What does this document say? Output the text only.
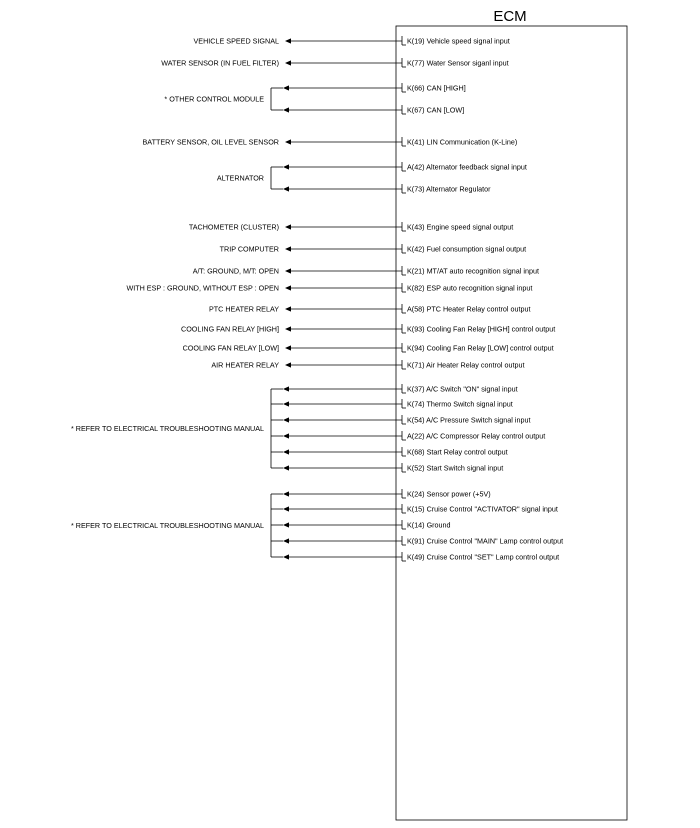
ECM
K(19) Vehicle speed signal input
VEHICLE SPEED SIGNAL
K(77) Water Sensor siganl input
WATER SENSOR (IN FUEL FILTER)
K(66) CAN [HIGH]
K(67) CAN [LOW]
K(41) LIN Communication (K-Line)
BATTERY SENSOR, OIL LEVEL SENSOR
A(42) Alternator feedback signal input
K(73) Alternator Regulator
K(43) Engine speed signal output
TACHOMETER (CLUSTER)
K(42) Fuel consumption signal output
TRIP COMPUTER
K(21) MT/AT auto recognition signal input
A/T: GROUND, M/T: OPEN
K(82) ESP auto recognition signal input
WITH ESP : GROUND, WITHOUT ESP : OPEN
A(58) PTC Heater Relay control output
PTC HEATER RELAY
K(93) Cooling Fan Relay [HIGH] control output
COOLING FAN RELAY [HIGH]
K(94) Cooling Fan Relay [LOW] control output
COOLING FAN RELAY [LOW]
K(71) Air Heater Relay control output
AIR HEATER RELAY
K(37) A/C Switch "ON" signal input
K(74) Thermo Switch signal input
K(54) A/C Pressure Switch signal input
A(22) A/C Compressor Relay control output
K(68) Start Relay control output
K(52) Start Switch signal input
K(24) Sensor power (+5V)
K(15) Cruise Control "ACTIVATOR" signal input
K(14) Ground
K(91) Cruise Control "MAIN" Lamp control output
K(49) Cruise Control "SET" Lamp control output
* OTHER CONTROL MODULE
ALTERNATOR
* REFER TO ELECTRICAL TROUBLESHOOTING MANUAL
* REFER TO ELECTRICAL TROUBLESHOOTING MANUAL
